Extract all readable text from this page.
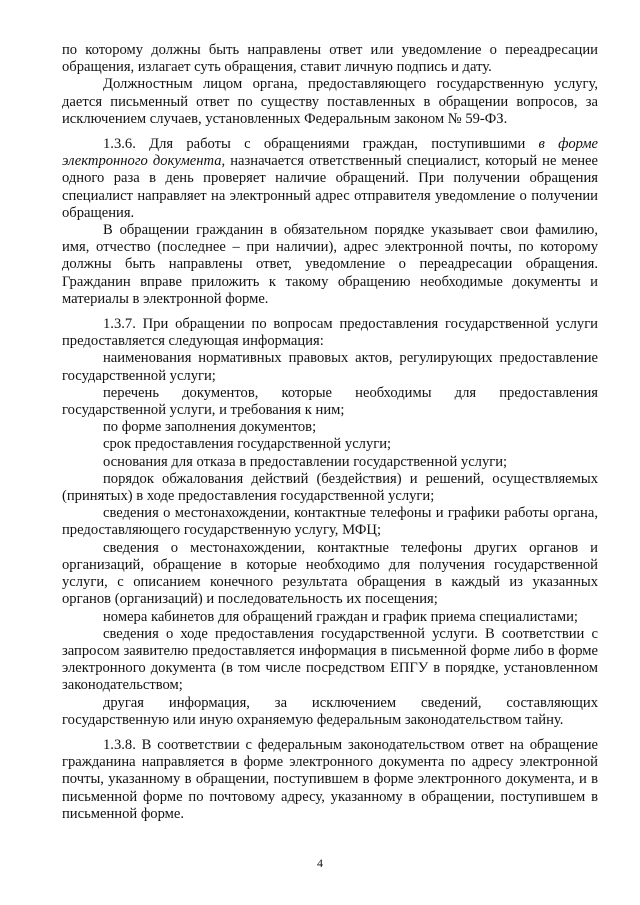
по которому должны быть направлены ответ или уведомление о переадресации обращения, излагает суть обращения, ставит личную подпись и дату.

Должностным лицом органа, предоставляющего государственную услугу, дается письменный ответ по существу поставленных в обращении вопросов, за исключением случаев, установленных Федеральным законом № 59-ФЗ.

1.3.6. Для работы с обращениями граждан, поступившими в форме электронного документа, назначается ответственный специалист, который не менее одного раза в день проверяет наличие обращений. При получении обращения специалист направляет на электронный адрес отправителя уведомление о получении обращения.

В обращении гражданин в обязательном порядке указывает свои фамилию, имя, отчество (последнее – при наличии), адрес электронной почты, по которому должны быть направлены ответ, уведомление о переадресации обращения. Гражданин вправе приложить к такому обращению необходимые документы и материалы в электронной форме.

1.3.7. При обращении по вопросам предоставления государственной услуги предоставляется следующая информация:

наименования нормативных правовых актов, регулирующих предоставление государственной услуги;

перечень документов, которые необходимы для предоставления государственной услуги, и требования к ним;

по форме заполнения документов;

срок предоставления государственной услуги;

основания для отказа в предоставлении государственной услуги;

порядок обжалования действий (бездействия) и решений, осуществляемых (принятых) в ходе предоставления государственной услуги;

сведения о местонахождении, контактные телефоны и графики работы органа, предоставляющего государственную услугу, МФЦ;

сведения о местонахождении, контактные телефоны других органов и организаций, обращение в которые необходимо для получения государственной услуги, с описанием конечного результата обращения в каждый из указанных органов (организаций) и последовательность их посещения;

номера кабинетов для обращений граждан и график приема специалистами;

сведения о ходе предоставления государственной услуги. В соответствии с запросом заявителю предоставляется информация в письменной форме либо в форме электронного документа (в том числе посредством ЕПГУ в порядке, установленном законодательством;

другая информация, за исключением сведений, составляющих государственную или иную охраняемую федеральным законодательством тайну.

1.3.8. В соответствии с федеральным законодательством ответ на обращение гражданина направляется в форме электронного документа по адресу электронной почты, указанному в обращении, поступившем в форме электронного документа, и в письменной форме по почтовому адресу, указанному в обращении, поступившем в письменной форме.

4
